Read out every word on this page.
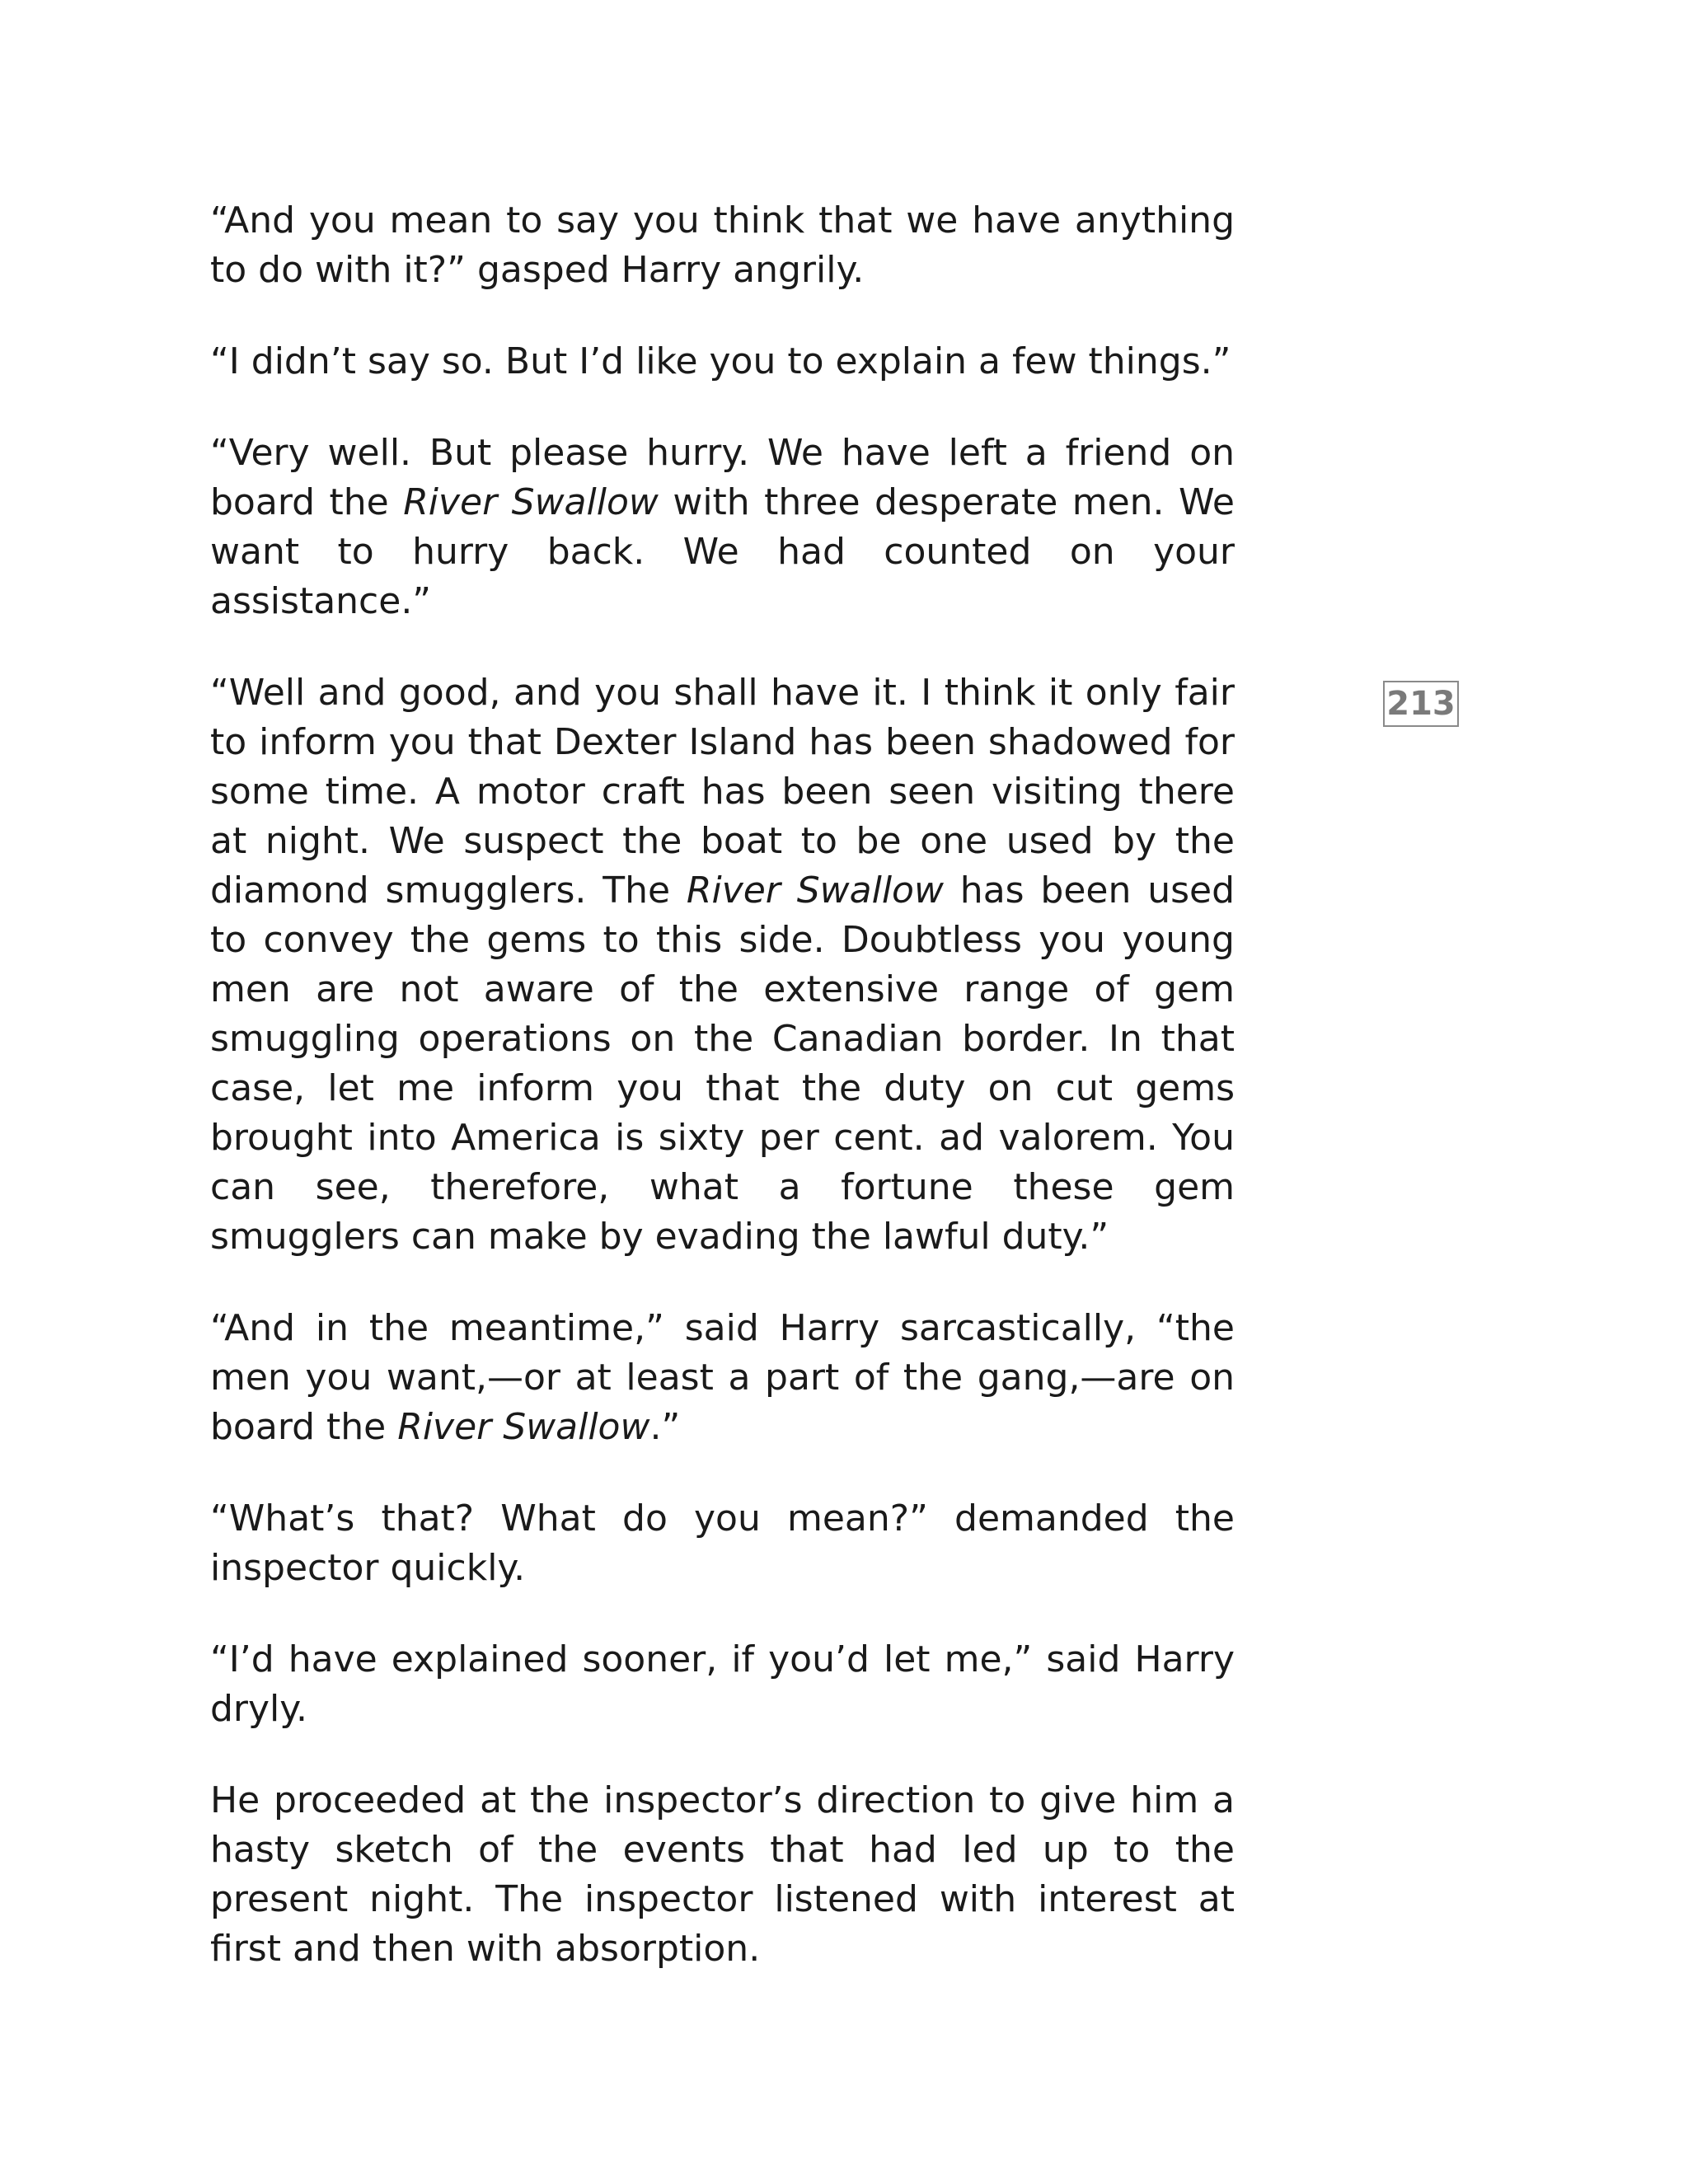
“And you mean to say you think that we have anything to do with it?” gasped Harry angrily.

“I didn’t say so. But I’d like you to explain a few things.”

“Very well. But please hurry. We have left a friend on board the River Swallow with three desperate men. We want to hurry back. We had counted on your assistance.”

“Well and good, and you shall have it. I think it only fair to inform you that Dexter Island has been shadowed for some time. A motor craft has been seen visiting there at night. We suspect the boat to be one used by the diamond smugglers. The River Swallow has been used to convey the gems to this side. Doubtless you young men are not aware of the extensive range of gem smuggling operations on the Canadian border. In that case, let me inform you that the duty on cut gems brought into America is sixty per cent. ad valorem. You can see, therefore, what a fortune these gem smugglers can make by evading the lawful duty.”

“And in the meantime,” said Harry sarcastically, “the men you want,—or at least a part of the gang,—are on board the River Swallow.”

“What’s that? What do you mean?” demanded the inspector quickly.

“I’d have explained sooner, if you’d let me,” said Harry dryly.

He proceeded at the inspector’s direction to give him a hasty sketch of the events that had led up to the present night. The inspector listened with interest at first and then with absorption.

213
